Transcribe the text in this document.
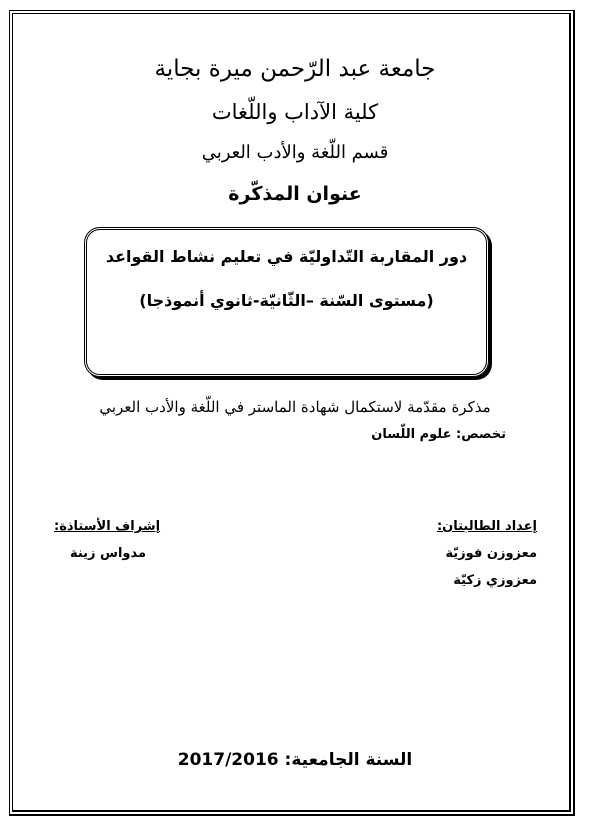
جامعة عبد الرّحمن ميرة بجاية
كلية الآداب واللّغات
قسم اللّغة والأدب العربي
عنوان المذكّرة
دور المقاربة التّداوليّة في تعليم نشاط القواعد
(مستوى السّنة –الثّانيّة-ثانوي أنموذجا)
مذكرة مقدّمة لاستكمال شهادة الماستر في اللّغة والأدب العربي
تخصص: علوم اللّسان
إعداد الطالبتان:
معزوزن فوزيّة
معزوزي زكيّة
إشراف الأستاذة:
مدواس زينة
السنة الجامعية: 2017/2016
